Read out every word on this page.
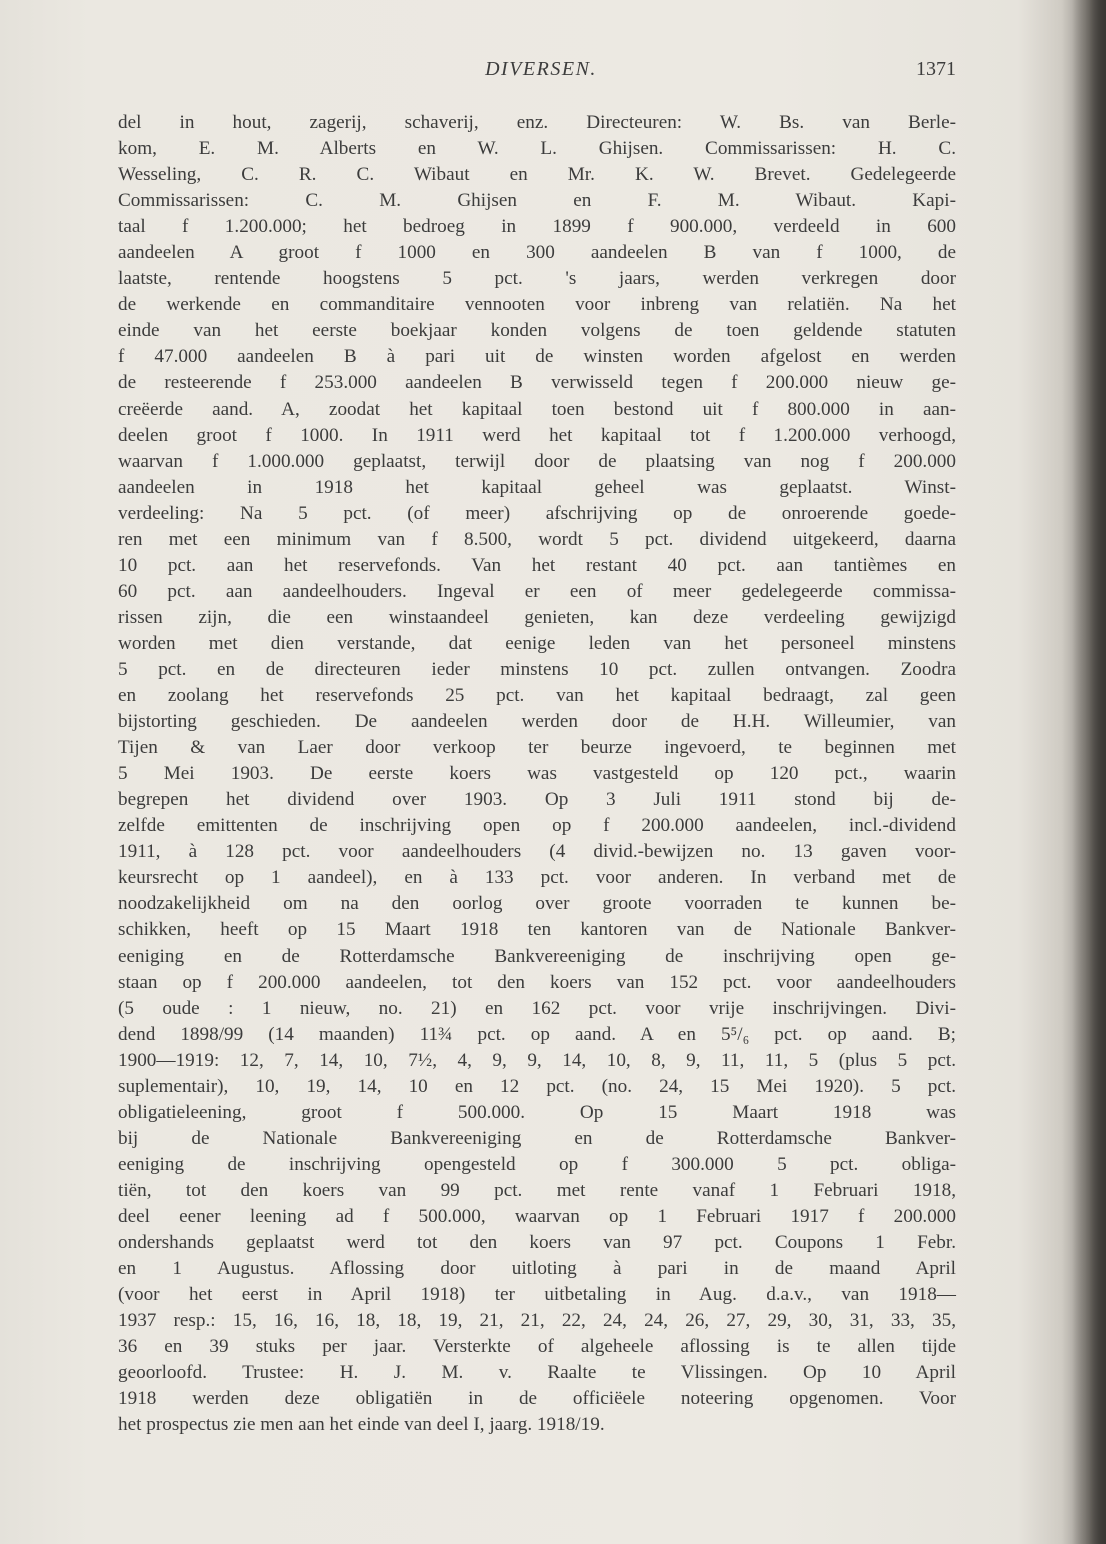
DIVERSEN.	1371
del in hout, zagerij, schaverij, enz. Directeuren: W. Bs. van Berle-
kom, E. M. Alberts en W. L. Ghijsen. Commissarissen: H. C.
Wesseling, C. R. C. Wibaut en Mr. K. W. Brevet. Gedelegeerde
Commissarissen: C. M. Ghijsen en F. M. Wibaut. Kapi-
taal f 1.200.000; het bedroeg in 1899 f 900.000, verdeeld in 600
aandeelen A groot f 1000 en 300 aandeelen B van f 1000, de
laatste, rentende hoogstens 5 pct. 's jaars, werden verkregen door
de werkende en commanditaire vennooten voor inbreng van relatiën. Na het
einde van het eerste boekjaar konden volgens de toen geldende statuten
f 47.000 aandeelen B à pari uit de winsten worden afgelost en werden
de resteerende f 253.000 aandeelen B verwisseld tegen f 200.000 nieuw ge-
creëerde aand. A, zoodat het kapitaal toen bestond uit f 800.000 in aan-
deelen groot f 1000. In 1911 werd het kapitaal tot f 1.200.000 verhoogd,
waarvan f 1.000.000 geplaatst, terwijl door de plaatsing van nog f 200.000
aandeelen in 1918 het kapitaal geheel was geplaatst. Winst-
verdeeling: Na 5 pct. (of meer) afschrijving op de onroerende goede-
ren met een minimum van f 8.500, wordt 5 pct. dividend uitgekeerd, daarna
10 pct. aan het reservefonds. Van het restant 40 pct. aan tantièmes en
60 pct. aan aandeelhouders. Ingeval er een of meer gedelegeerde commissa-
rissen zijn, die een winstaandeel genieten, kan deze verdeeling gewijzigd
worden met dien verstande, dat eenige leden van het personeel minstens
5 pct. en de directeuren ieder minstens 10 pct. zullen ontvangen. Zoodra
en zoolang het reservefonds 25 pct. van het kapitaal bedraagt, zal geen
bijstorting geschieden. De aandeelen werden door de H.H. Willeumier, van
Tijen & van Laer door verkoop ter beurze ingevoerd, te beginnen met
5 Mei 1903. De eerste koers was vastgesteld op 120 pct., waarin
begrepen het dividend over 1903. Op 3 Juli 1911 stond bij de-
zelfde emittenten de inschrijving open op f 200.000 aandeelen, incl.-dividend
1911, à 128 pct. voor aandeelhouders (4 divid.-bewijzen no. 13 gaven voor-
keursrecht op 1 aandeel), en à 133 pct. voor anderen. In verband met de
noodzakelijkheid om na den oorlog over groote voorraden te kunnen be-
schikken, heeft op 15 Maart 1918 ten kantoren van de Nationale Bankver-
eeniging en de Rotterdamsche Bankvereeniging de inschrijving open ge-
staan op f 200.000 aandeelen, tot den koers van 152 pct. voor aandeelhouders
(5 oude : 1 nieuw, no. 21) en 162 pct. voor vrije inschrijvingen. Divi-
dend 1898/99 (14 maanden) 11¾ pct. op aand. A en 5⁵/₆ pct. op aand. B;
1900—1919: 12, 7, 14, 10, 7½, 4, 9, 9, 14, 10, 8, 9, 11, 11, 5 (plus 5 pct.
suplementair), 10, 19, 14, 10 en 12 pct. (no. 24, 15 Mei 1920). 5 pct.
obligatieleening, groot f 500.000. Op 15 Maart 1918 was
bij de Nationale Bankvereeniging en de Rotterdamsche Bankver-
eeniging de inschrijving opengesteld op f 300.000 5 pct. obliga-
tiën, tot den koers van 99 pct. met rente vanaf 1 Februari 1918,
deel eener leening ad f 500.000, waarvan op 1 Februari 1917 f 200.000
ondershands geplaatst werd tot den koers van 97 pct. Coupons 1 Febr.
en 1 Augustus. Aflossing door uitloting à pari in de maand April
(voor het eerst in April 1918) ter uitbetaling in Aug. d.a.v., van 1918—
1937 resp.: 15, 16, 16, 18, 18, 19, 21, 21, 22, 24, 24, 26, 27, 29, 30, 31, 33, 35,
36 en 39 stuks per jaar. Versterkte of algeheele aflossing is te allen tijde
geoorloofd. Trustee: H. J. M. v. Raalte te Vlissingen. Op 10 April
1918 werden deze obligatiën in de officiëele noteering opgenomen. Voor
het prospectus zie men aan het einde van deel I, jaarg. 1918/19.
